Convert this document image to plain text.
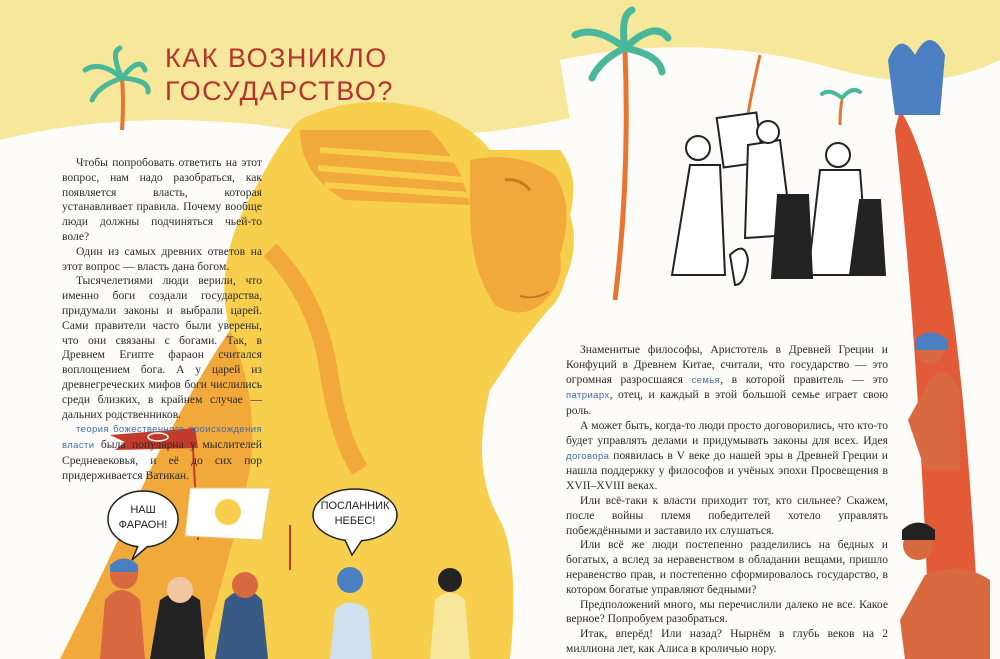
НАШ
ФАРАОН!
ПОСЛАННИК
НЕБЕС!
КАК ВОЗНИКЛО
ГОСУДАРСТВО?

Чтобы попробовать ответить на этот вопрос, нам надо разобраться, как появляется власть, которая устанавливает правила. Почему вообще люди должны подчиняться чьей-то воле?

Один из самых древних ответов на этот вопрос — власть дана богом.

Тысячелетиями люди верили, что именно боги создали государства, придумали законы и выбрали царей. Сами правители часто были уверены, что они связаны с богами. Так, в Древнем Египте фараон считался воплощением бога. А у царей из древнегреческих мифов боги числились среди близких, в крайнем случае — дальних родственников.

теория божественного происхождения власти была популярна у мыслителей Средневековья, и её до сих пор придерживается Ватикан.

Знаменитые философы, Аристотель в Древней Греции и Конфуций в Древнем Китае, считали, что государство — это огромная разросшаяся семья, в которой правитель — это патриарх, отец, и каждый в этой большой семье играет свою роль.

А может быть, когда-то люди просто договорились, что кто-то будет управлять делами и придумывать законы для всех. Идея договора появилась в V веке до нашей эры в Древней Греции и нашла поддержку у философов и учёных эпохи Просвещения в XVII–XVIII веках.

Или всё-таки к власти приходит тот, кто сильнее? Скажем, после войны племя победителей хотело управлять побеждёнными и заставило их слушаться.

Или всё же люди постепенно разделились на бедных и богатых, а вслед за неравенством в обладании вещами, пришло неравенство прав, и постепенно сформировалось государство, в котором богатые управляют бедными?

Предположений много, мы перечислили далеко не все. Какое верное? Попробуем разобраться.

Итак, вперёд! Или назад? Нырнём в глубь веков на 2 миллиона лет, как Алиса в кроличью нору.
